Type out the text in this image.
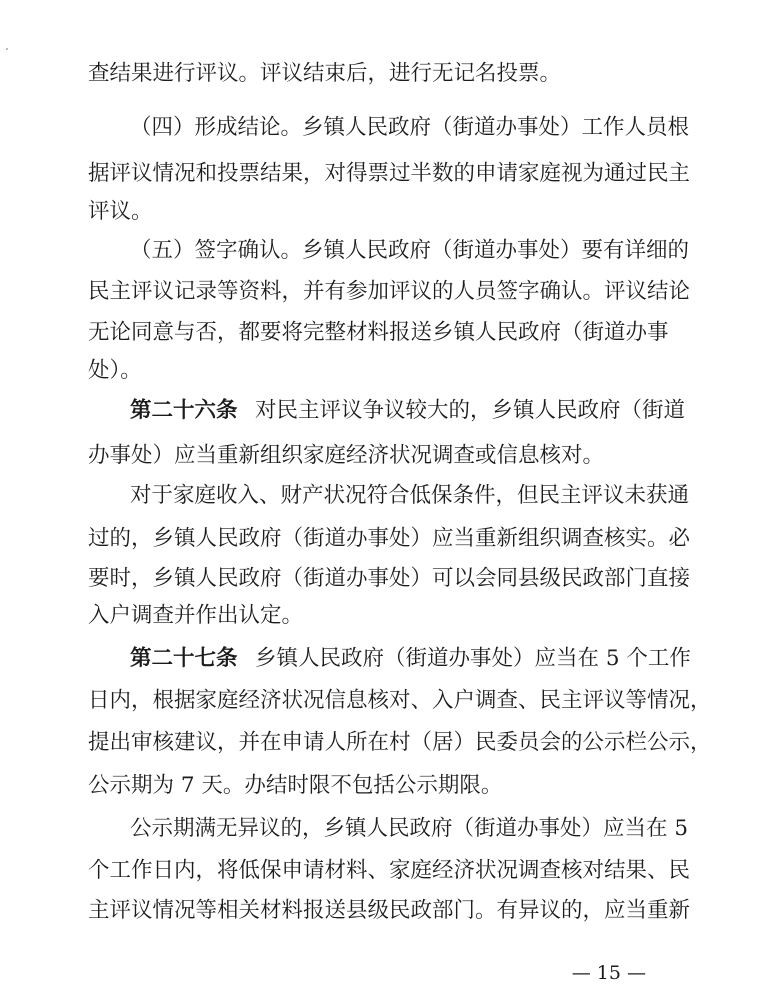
查结果进行评议。评议结束后，进行无记名投票。
（四）形成结论。乡镇人民政府（街道办事处）工作人员根
据评议情况和投票结果，对得票过半数的申请家庭视为通过民主
评议。
（五）签字确认。乡镇人民政府（街道办事处）要有详细的
民主评议记录等资料，并有参加评议的人员签字确认。评议结论
无论同意与否，都要将完整材料报送乡镇人民政府（街道办事
处）。
第二十六条 对民主评议争议较大的，乡镇人民政府（街道
办事处）应当重新组织家庭经济状况调查或信息核对。
对于家庭收入、财产状况符合低保条件，但民主评议未获通
过的，乡镇人民政府（街道办事处）应当重新组织调查核实。必
要时，乡镇人民政府（街道办事处）可以会同县级民政部门直接
入户调查并作出认定。
第二十七条 乡镇人民政府（街道办事处）应当在 5 个工作
日内，根据家庭经济状况信息核对、入户调查、民主评议等情况，
提出审核建议，并在申请人所在村（居）民委员会的公示栏公示，
公示期为 7 天。办结时限不包括公示期限。
公示期满无异议的，乡镇人民政府（街道办事处）应当在 5
个工作日内，将低保申请材料、家庭经济状况调查核对结果、民
主评议情况等相关材料报送县级民政部门。有异议的，应当重新
— 15 —
